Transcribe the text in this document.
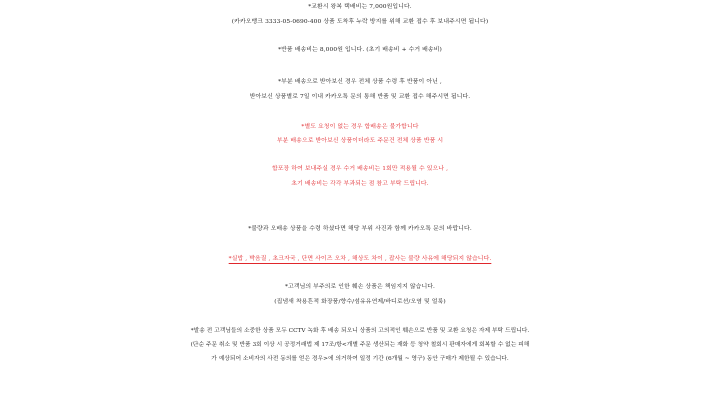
*교환시 왕복 택배비는 7,000원입니다.
(카카오뱅크 3333-05-0690-400 상품 도착후 누락 방지를 위해 교환 접수 후 보내주시면 됩니다)
*반품 배송비는 8,000원 입니다. (초기 배송비 + 수거 배송비)
*부분 배송으로 받아보신 경우 전체 상품 수령 후 반품이 아닌 ,
받아보신 상품별로 7일 이내 카카오톡 문의 통해 반품 및 교환 접수 해주시면 됩니다.
*별도 요청이 없는 경우 합배송은 불가합니다
부분 배송으로 받아보신 상품이더라도 주문건 전체 상품 반품 시
합포장 하여 보내주실 경우 수거 배송비는 1회만 적용될 수 있으나 ,
초기 배송비는 각각 부과되는 점 참고 부탁 드립니다.
*불량과 오배송 상품을 수령 하셨다면 해당 부위 사진과 함께 카카오톡 문의 바랍니다.
*실밥 , 박음질 , 초크자국 , 단면 사이즈 오차 , 해상도 차이 , 잡사는 불량 사유에 해당되지 않습니다.
*고객님의 부주의로 인한 훼손 상품은 책임지지 않습니다.
(집냄새 착용흔적 화장품/향수/섬유유연제/바디로션/오염 및 얼룩)
*발송 전 고객님들의 소중한 상품 모두 CCTV 녹화 후 배송 되오니 상품의 고의적인 훼손으로 반품 및 교환 요청은 자제 부탁 드립니다.
(단순 주문 취소 및 반품 3회 이상 시 공정거래법 제 17조/항<개별 주문 생산되는 재화 등 청약 철회시 판매자에게 회복할 수 없는 피해
가 예상되어 소비자의 사전 동의를 얻은 경우>에 의거하여 일정 기간 (6개월 ~ 영구) 동안 구매가 제한될 수 있습니다.
